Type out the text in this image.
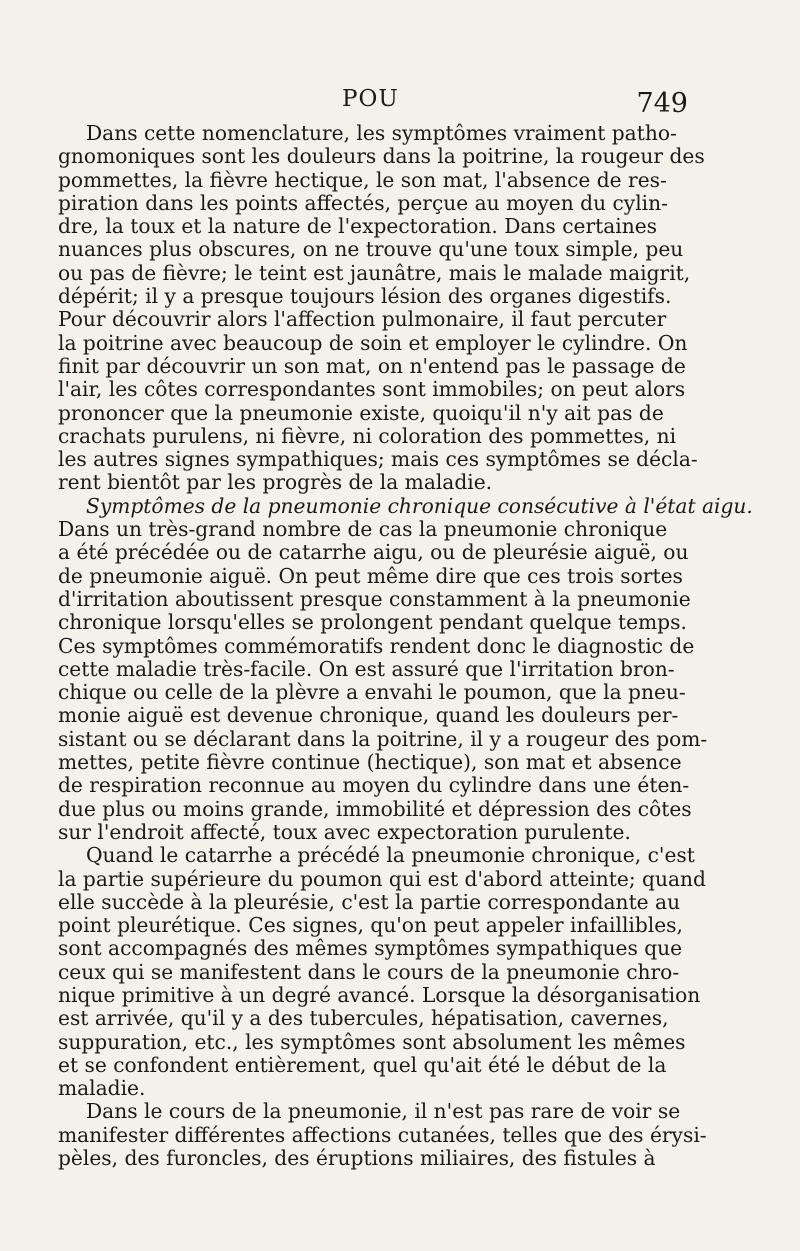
POU	749

Dans cette nomenclature, les symptômes vraiment patho-
gnomoniques sont les douleurs dans la poitrine, la rougeur des
pommettes, la fièvre hectique, le son mat, l'absence de res-
piration dans les points affectés, perçue au moyen du cylin-
dre, la toux et la nature de l'expectoration. Dans certaines
nuances plus obscures, on ne trouve qu'une toux simple, peu
ou pas de fièvre; le teint est jaunâtre, mais le malade maigrit,
dépérit; il y a presque toujours lésion des organes digestifs.
Pour découvrir alors l'affection pulmonaire, il faut percuter
la poitrine avec beaucoup de soin et employer le cylindre. On
finit par découvrir un son mat, on n'entend pas le passage de
l'air, les côtes correspondantes sont immobiles; on peut alors
prononcer que la pneumonie existe, quoiqu'il n'y ait pas de
crachats purulens, ni fièvre, ni coloration des pommettes, ni
les autres signes sympathiques; mais ces symptômes se décla-
rent bientôt par les progrès de la maladie.

Symptômes de la pneumonie chronique consécutive à l'état aigu.

Dans un très-grand nombre de cas la pneumonie chronique
a été précédée ou de catarrhe aigu, ou de pleurésie aiguë, ou
de pneumonie aiguë. On peut même dire que ces trois sortes
d'irritation aboutissent presque constamment à la pneumonie
chronique lorsqu'elles se prolongent pendant quelque temps.
Ces symptômes commémoratifs rendent donc le diagnostic de
cette maladie très-facile. On est assuré que l'irritation bron-
chique ou celle de la plèvre a envahi le poumon, que la pneu-
monie aiguë est devenue chronique, quand les douleurs per-
sistant ou se déclarant dans la poitrine, il y a rougeur des pom-
mettes, petite fièvre continue (hectique), son mat et absence
de respiration reconnue au moyen du cylindre dans une éten-
due plus ou moins grande, immobilité et dépression des côtes
sur l'endroit affecté, toux avec expectoration purulente.

Quand le catarrhe a précédé la pneumonie chronique, c'est
la partie supérieure du poumon qui est d'abord atteinte; quand
elle succède à la pleurésie, c'est la partie correspondante au
point pleurétique. Ces signes, qu'on peut appeler infaillibles,
sont accompagnés des mêmes symptômes sympathiques que
ceux qui se manifestent dans le cours de la pneumonie chro-
nique primitive à un degré avancé. Lorsque la désorganisation
est arrivée, qu'il y a des tubercules, hépatisation, cavernes,
suppuration, etc., les symptômes sont absolument les mêmes
et se confondent entièrement, quel qu'ait été le début de la
maladie.

Dans le cours de la pneumonie, il n'est pas rare de voir se
manifester différentes affections cutanées, telles que des érysi-
pèles, des furoncles, des éruptions miliaires, des fistules à
